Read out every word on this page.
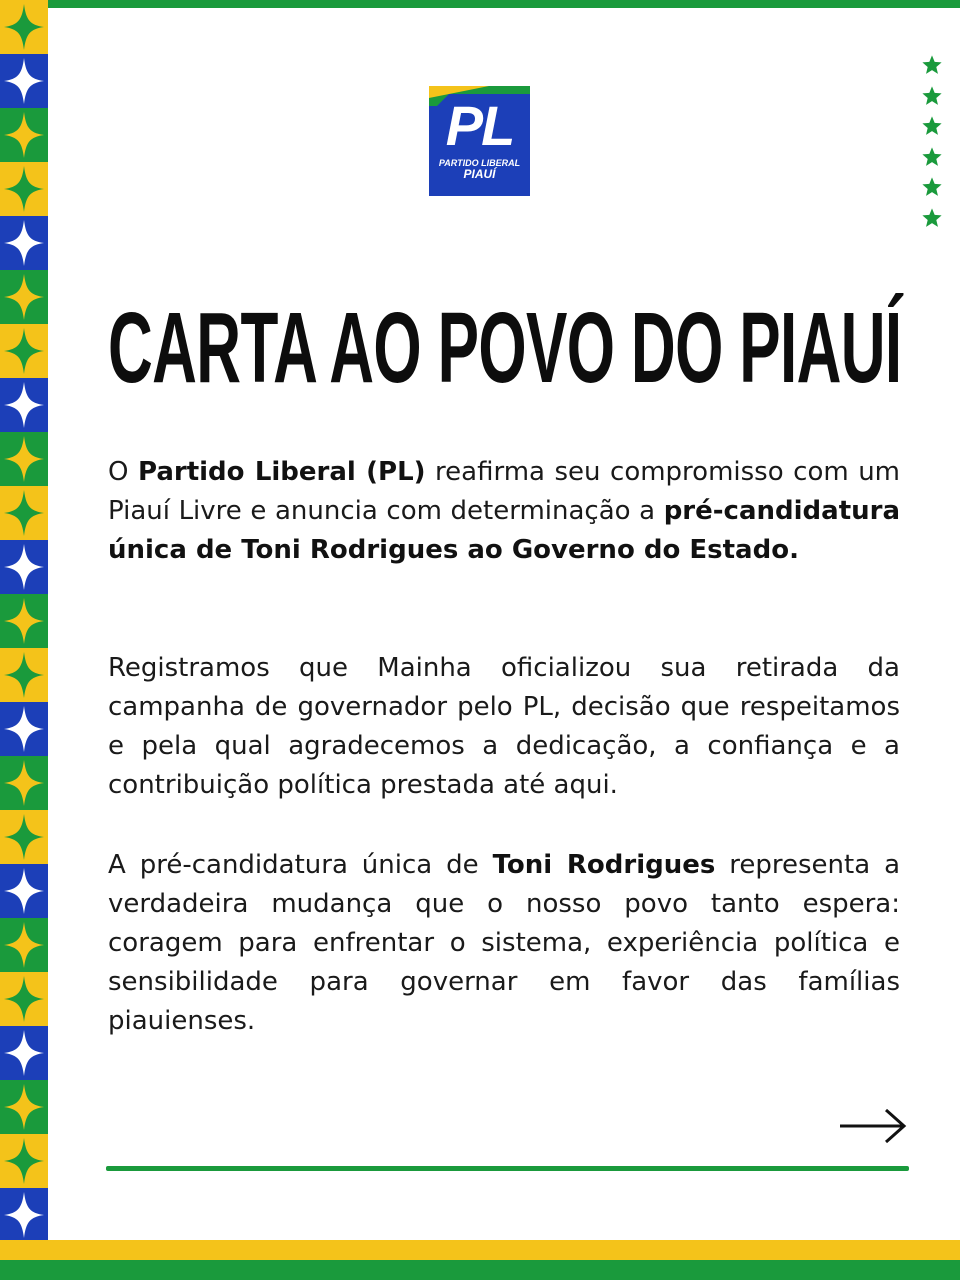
PL
PARTIDO LIBERAL
PIAUÍ
CARTA AO POVO DO PIAUÍ

O Partido Liberal (PL) reafirma seu compromisso com um Piauí Livre e anuncia com determinação a pré-candidatura única de Toni Rodrigues ao Governo do Estado.

Registramos que Mainha oficializou sua retirada da campanha de governador pelo PL, decisão que respeitamos e pela qual agradecemos a dedicação, a confiança e a contribuição política prestada até aqui.

A pré-candidatura única de Toni Rodrigues representa a verdadeira mudança que o nosso povo tanto espera: coragem para enfrentar o sistema, experiência política e sensibilidade para governar em favor das famílias piauienses.
